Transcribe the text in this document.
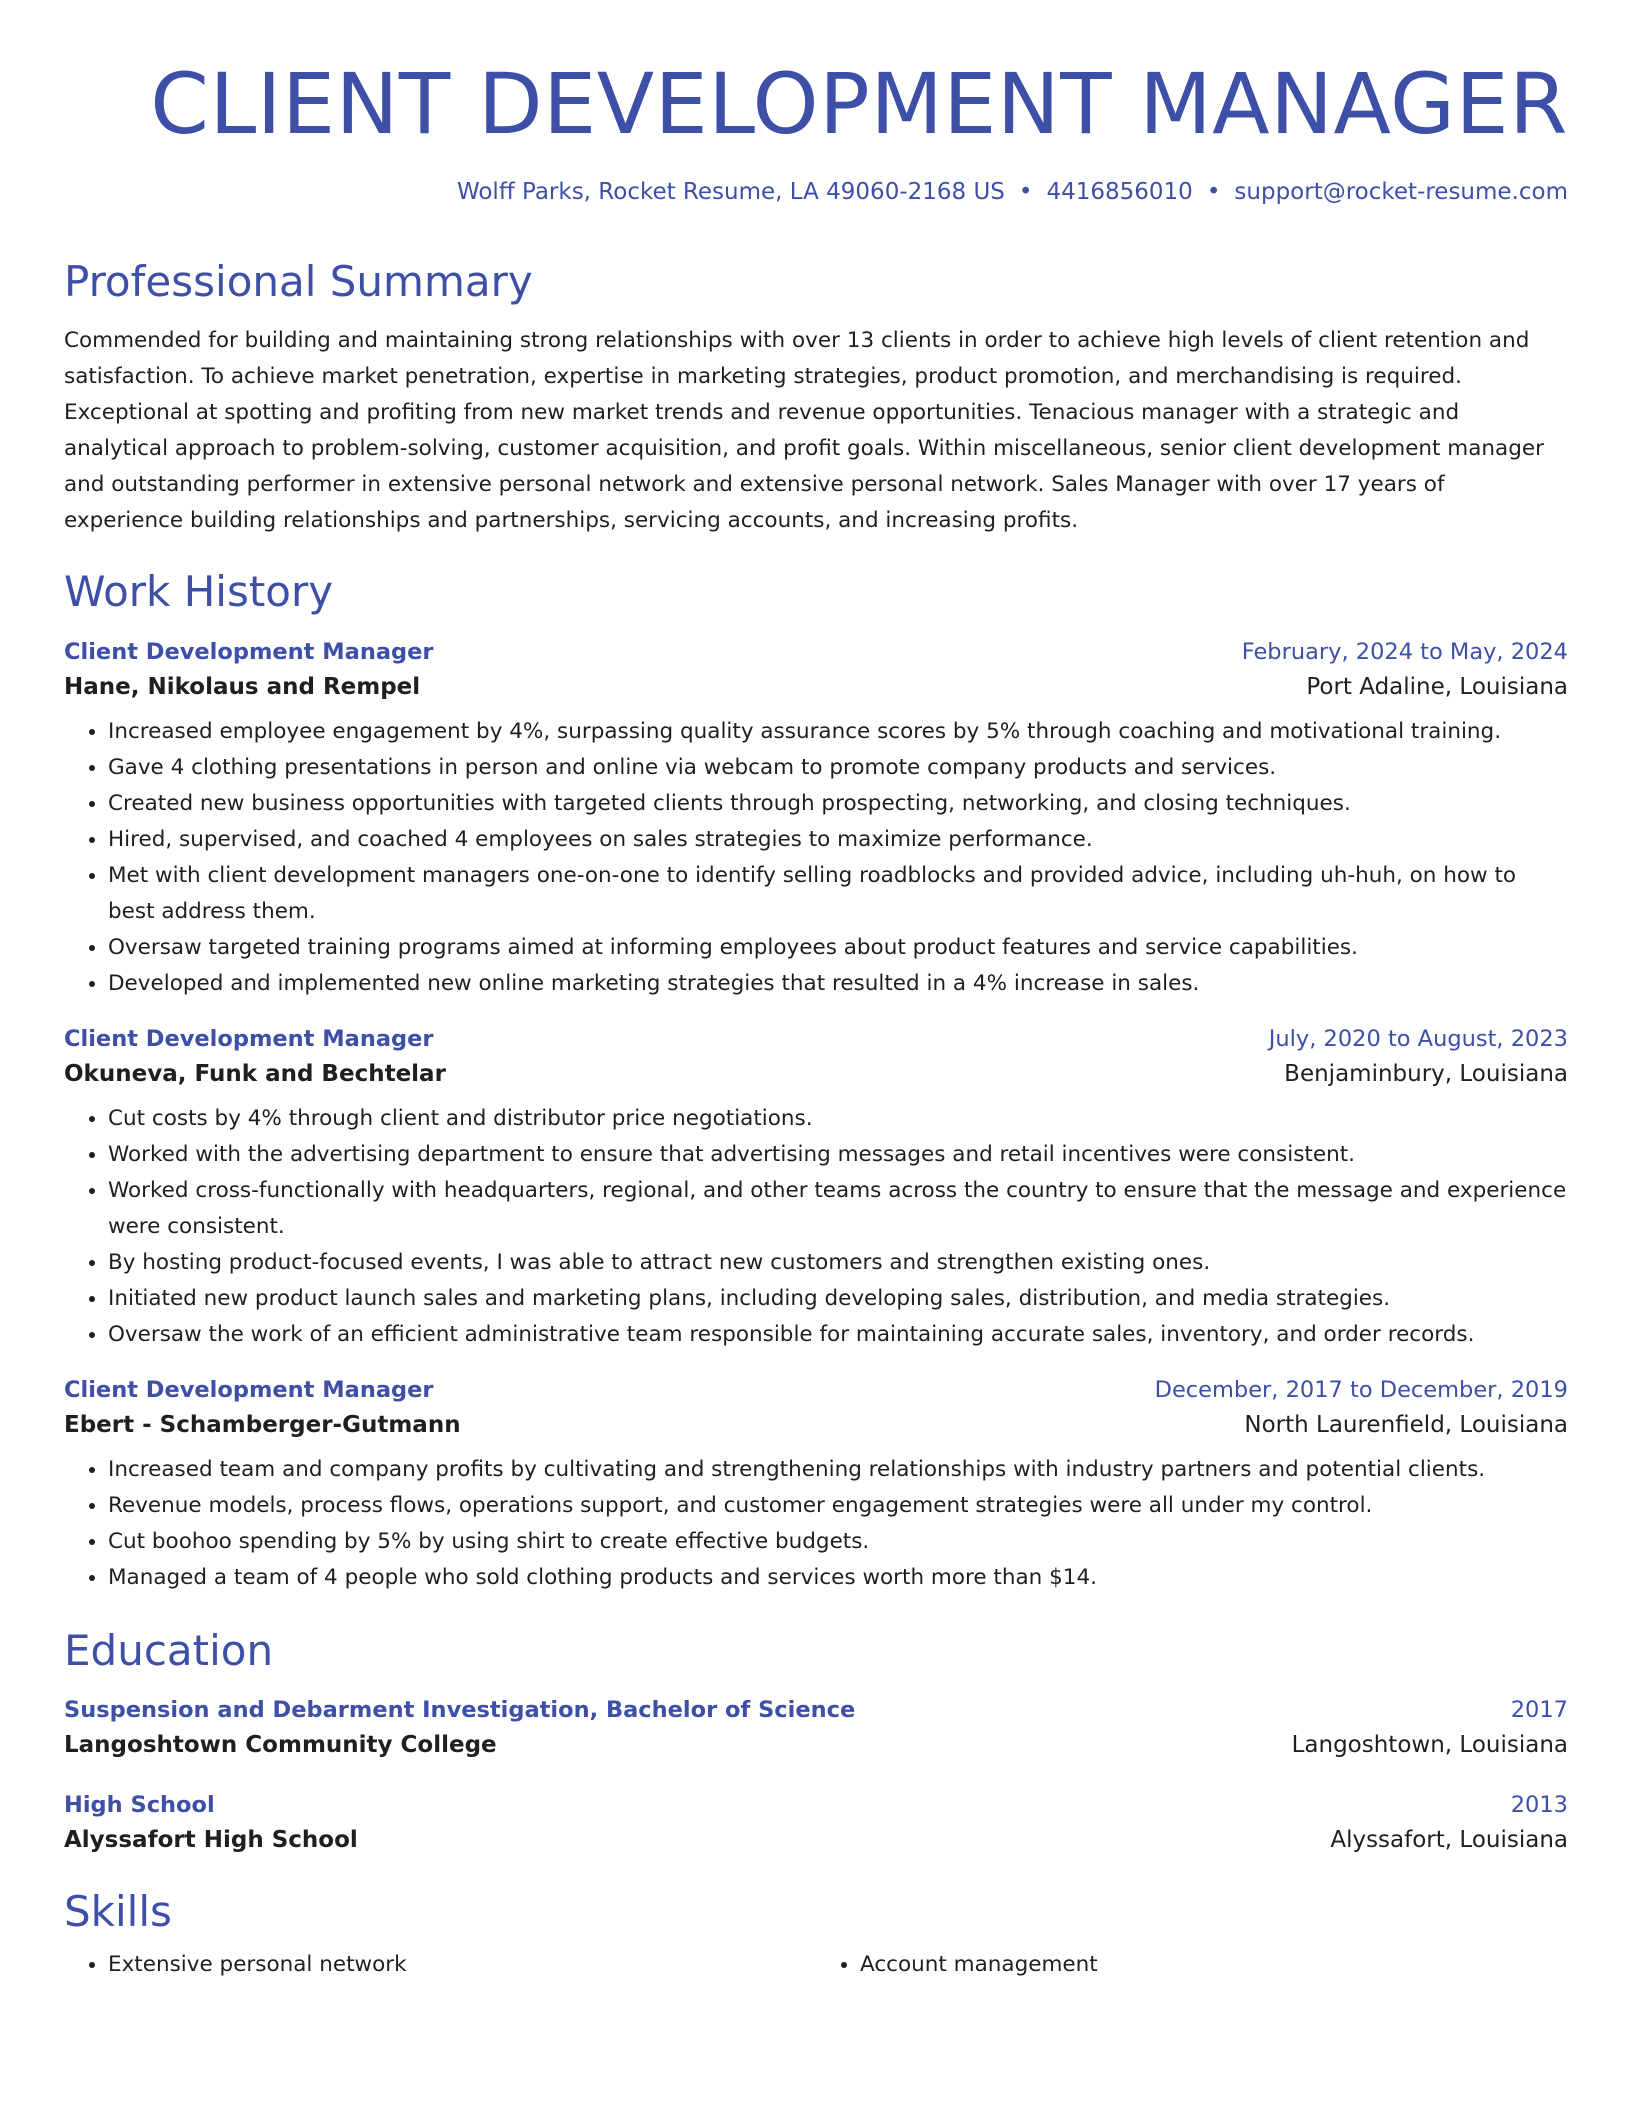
CLIENT DEVELOPMENT MANAGER
Wolff Parks, Rocket Resume, LA 49060-2168 US • 4416856010 • support@rocket-resume.com
Professional Summary
Commended for building and maintaining strong relationships with over 13 clients in order to achieve high levels of client retention and satisfaction. To achieve market penetration, expertise in marketing strategies, product promotion, and merchandising is required. Exceptional at spotting and profiting from new market trends and revenue opportunities. Tenacious manager with a strategic and analytical approach to problem-solving, customer acquisition, and profit goals. Within miscellaneous, senior client development manager and outstanding performer in extensive personal network and extensive personal network. Sales Manager with over 17 years of experience building relationships and partnerships, servicing accounts, and increasing profits.
Work History
Client Development Manager	February, 2024 to May, 2024
Hane, Nikolaus and Rempel	Port Adaline, Louisiana
• Increased employee engagement by 4%, surpassing quality assurance scores by 5% through coaching and motivational training.
• Gave 4 clothing presentations in person and online via webcam to promote company products and services.
• Created new business opportunities with targeted clients through prospecting, networking, and closing techniques.
• Hired, supervised, and coached 4 employees on sales strategies to maximize performance.
• Met with client development managers one-on-one to identify selling roadblocks and provided advice, including uh-huh, on how to best address them.
• Oversaw targeted training programs aimed at informing employees about product features and service capabilities.
• Developed and implemented new online marketing strategies that resulted in a 4% increase in sales.
Client Development Manager	July, 2020 to August, 2023
Okuneva, Funk and Bechtelar	Benjaminbury, Louisiana
• Cut costs by 4% through client and distributor price negotiations.
• Worked with the advertising department to ensure that advertising messages and retail incentives were consistent.
• Worked cross-functionally with headquarters, regional, and other teams across the country to ensure that the message and experience were consistent.
• By hosting product-focused events, I was able to attract new customers and strengthen existing ones.
• Initiated new product launch sales and marketing plans, including developing sales, distribution, and media strategies.
• Oversaw the work of an efficient administrative team responsible for maintaining accurate sales, inventory, and order records.
Client Development Manager	December, 2017 to December, 2019
Ebert - Schamberger-Gutmann	North Laurenfield, Louisiana
• Increased team and company profits by cultivating and strengthening relationships with industry partners and potential clients.
• Revenue models, process flows, operations support, and customer engagement strategies were all under my control.
• Cut boohoo spending by 5% by using shirt to create effective budgets.
• Managed a team of 4 people who sold clothing products and services worth more than $14.
Education
Suspension and Debarment Investigation, Bachelor of Science	2017
Langoshtown Community College	Langoshtown, Louisiana
High School	2013
Alyssafort High School	Alyssafort, Louisiana
Skills
• Extensive personal network
•	Account management
